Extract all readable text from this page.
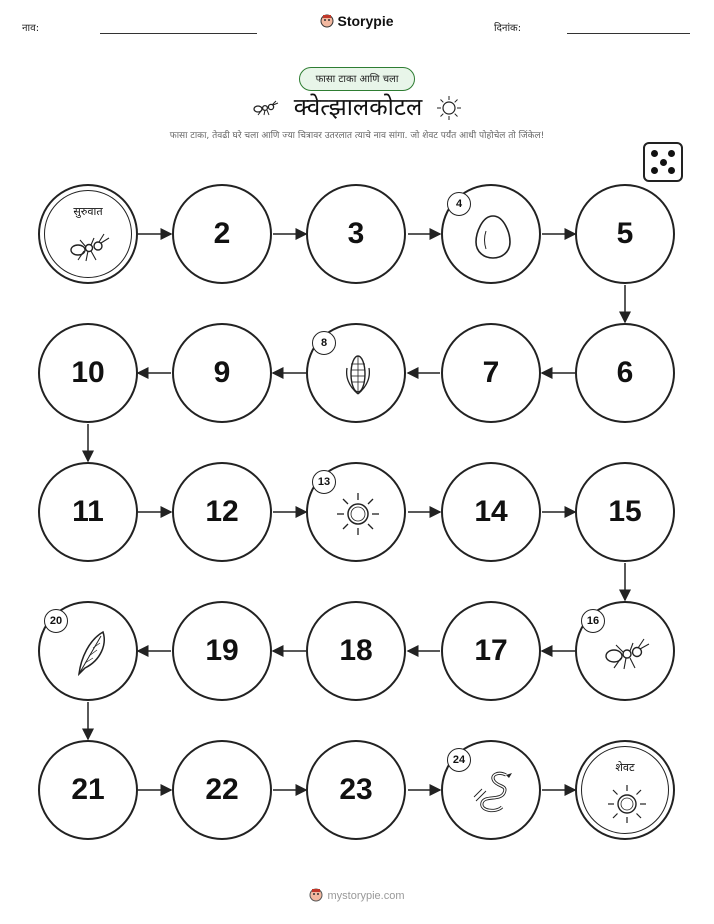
नाव:	Storypie	दिनांक:
फासा टाका आणि चला
क्वेत्झालकोटल
फासा टाका, तेवढी घरे चला आणि ज्या चित्रावर उतरलात त्याचे नाव सांगा. जो शेवट पर्यंत आधी पोहोचेल तो जिंकेल!
सुरुवात
2	3
4
5
6
7
8
9
10
11	12
13
14	15
16
17
18
19
20
21	22	23
24
शेवट
mystorypie.com
